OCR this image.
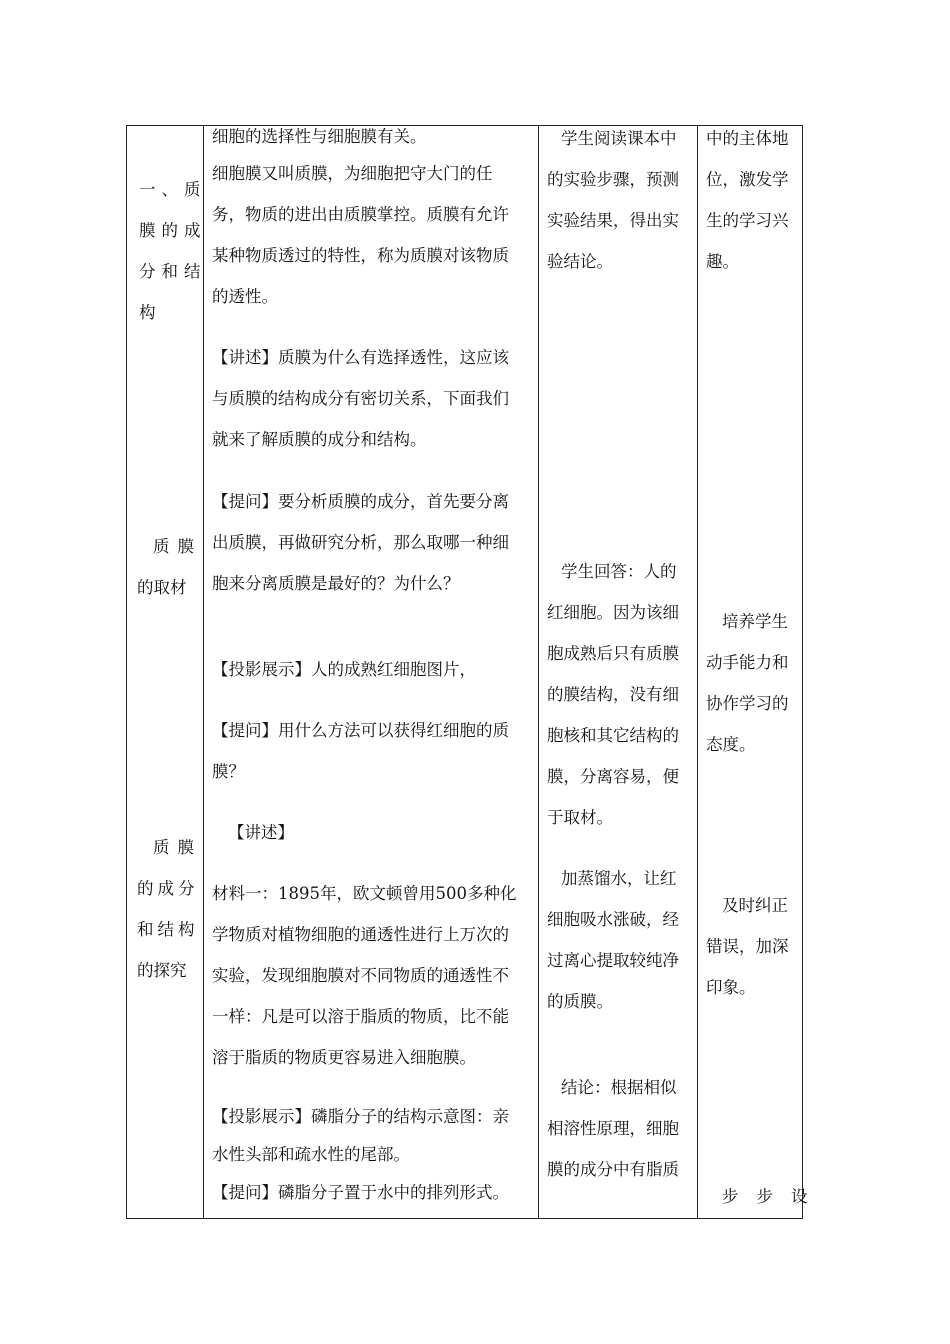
一、质
膜的成
分和结
构
质膜
的取材
质膜
的成分
和结构
的探究
细胞的选择性与细胞膜有关。
细胞膜又叫质膜，为细胞把守大门的任
务，物质的进出由质膜掌控。质膜有允许
某种物质透过的特性，称为质膜对该物质
的透性。
【讲述】质膜为什么有选择透性，这应该
与质膜的结构成分有密切关系，下面我们
就来了解质膜的成分和结构。
【提问】要分析质膜的成分，首先要分离
出质膜，再做研究分析，那么取哪一种细
胞来分离质膜是最好的？为什么？
【投影展示】人的成熟红细胞图片，
【提问】用什么方法可以获得红细胞的质
膜？
【讲述】
材料一：1895年，欧文顿曾用500多种化
学物质对植物细胞的通透性进行上万次的
实验，发现细胞膜对不同物质的通透性不
一样：凡是可以溶于脂质的物质，比不能
溶于脂质的物质更容易进入细胞膜。
【投影展示】磷脂分子的结构示意图：亲
水性头部和疏水性的尾部。
【提问】磷脂分子置于水中的排列形式。
学生阅读课本中
的实验步骤，预测
实验结果，得出实
验结论。
学生回答：人的
红细胞。因为该细
胞成熟后只有质膜
的膜结构，没有细
胞核和其它结构的
膜，分离容易，便
于取材。
加蒸馏水，让红
细胞吸水涨破，经
过离心提取较纯净
的质膜。
结论：根据相似
相溶性原理，细胞
膜的成分中有脂质
中的主体地
位，激发学
生的学习兴
趣。
培养学生
动手能力和
协作学习的
态度。
及时纠正
错误，加深
印象。
步步设
